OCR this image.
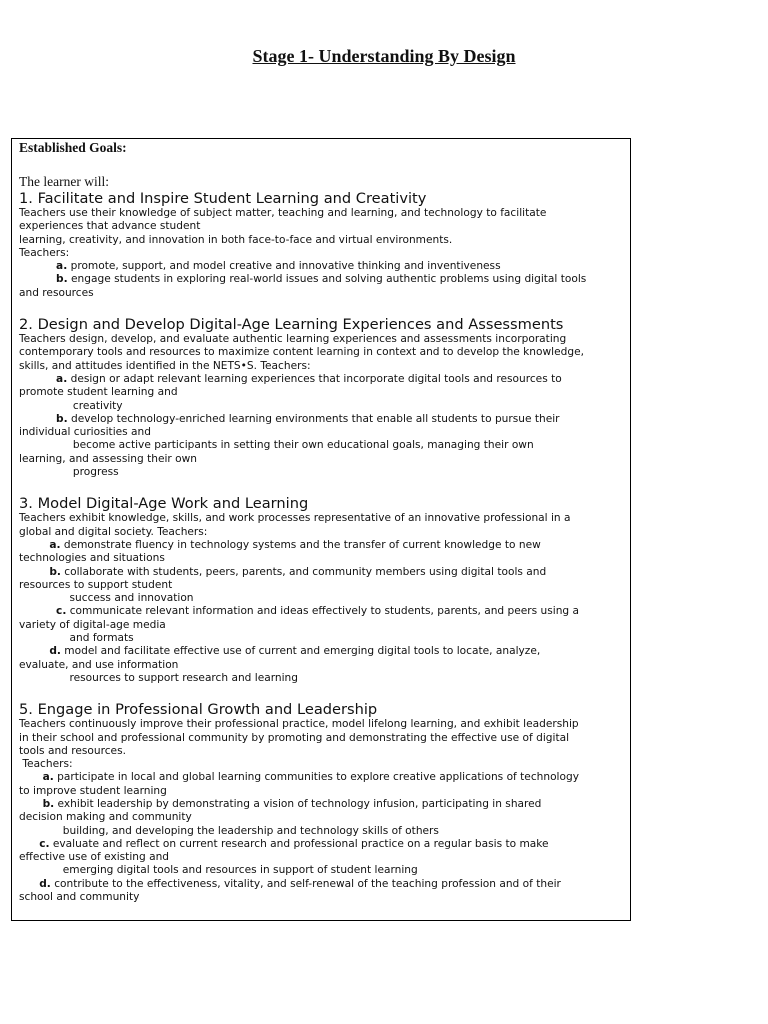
Stage 1- Understanding By Design

Established Goals:

The learner will:

1. Facilitate and Inspire Student Learning and Creativity

Teachers use their knowledge of subject matter, teaching and learning, and technology to facilitate

experiences that advance student

learning, creativity, and innovation in both face-to-face and virtual environments.

Teachers:

a. promote, support, and model creative and innovative thinking and inventiveness

b. engage students in exploring real-world issues and solving authentic problems using digital tools

and resources

2. Design and Develop Digital-Age Learning Experiences and Assessments

Teachers design, develop, and evaluate authentic learning experiences and assessments incorporating

contemporary tools and resources to maximize content learning in context and to develop the knowledge,

skills, and attitudes identified in the NETS•S. Teachers:

a. design or adapt relevant learning experiences that incorporate digital tools and resources to

promote student learning and

creativity

b. develop technology-enriched learning environments that enable all students to pursue their

individual curiosities and

become active participants in setting their own educational goals, managing their own

learning, and assessing their own

progress

3. Model Digital-Age Work and Learning

Teachers exhibit knowledge, skills, and work processes representative of an innovative professional in a

global and digital society. Teachers:

a. demonstrate fluency in technology systems and the transfer of current knowledge to new

technologies and situations

b. collaborate with students, peers, parents, and community members using digital tools and

resources to support student

success and innovation

c. communicate relevant information and ideas effectively to students, parents, and peers using a

variety of digital-age media

and formats

d. model and facilitate effective use of current and emerging digital tools to locate, analyze,

evaluate, and use information

resources to support research and learning

5. Engage in Professional Growth and Leadership

Teachers continuously improve their professional practice, model lifelong learning, and exhibit leadership

in their school and professional community by promoting and demonstrating the effective use of digital

tools and resources.

Teachers:

a. participate in local and global learning communities to explore creative applications of technology

to improve student learning

b. exhibit leadership by demonstrating a vision of technology infusion, participating in shared

decision making and community

building, and developing the leadership and technology skills of others

c. evaluate and reflect on current research and professional practice on a regular basis to make

effective use of existing and

emerging digital tools and resources in support of student learning

d. contribute to the effectiveness, vitality, and self-renewal of the teaching profession and of their

school and community
